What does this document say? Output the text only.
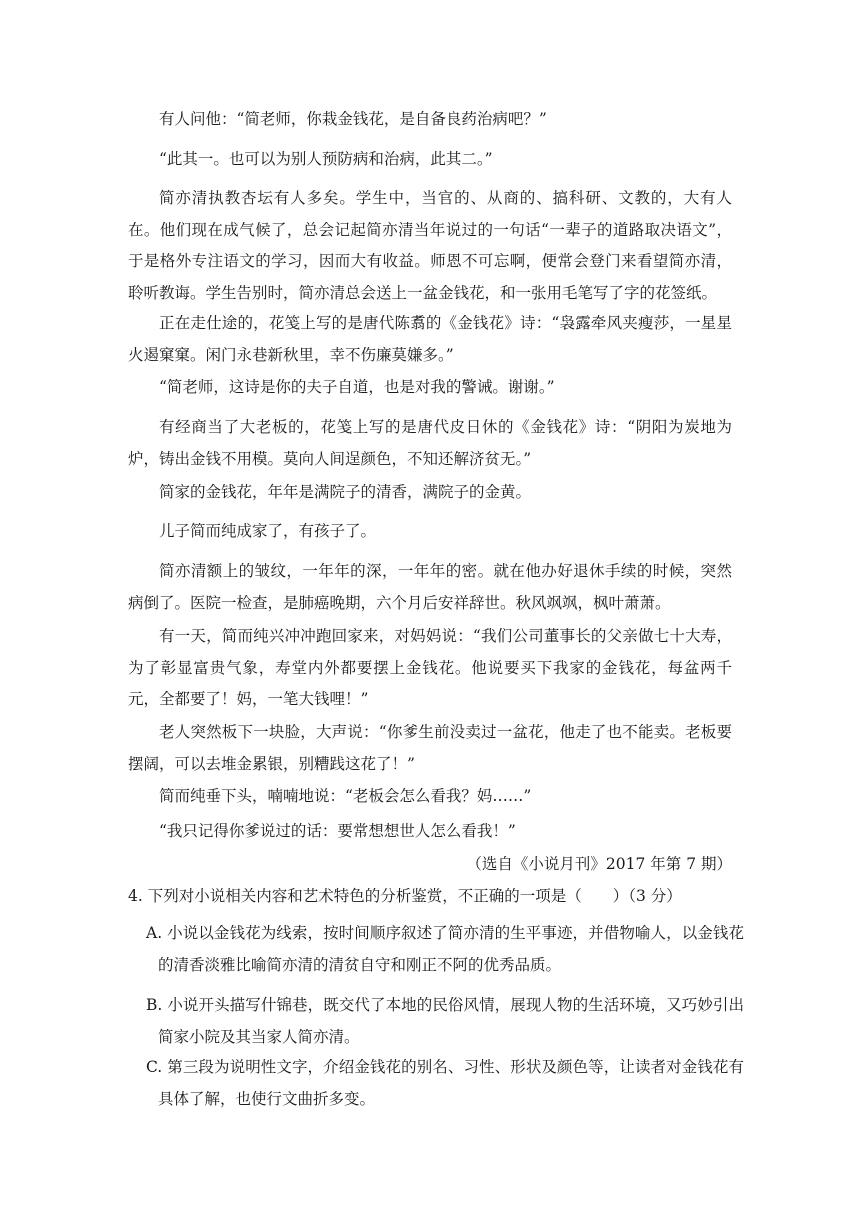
有人问他：“简老师，你栽金钱花，是自备良药治病吧？”

“此其一。也可以为别人预防病和治病，此其二。”

简亦清执教杏坛有人多矣。学生中，当官的、从商的、搞科研、文教的，大有人在。他们现在成气候了，总会记起简亦清当年说过的一句话“一辈子的道路取决语文”，于是格外专注语文的学习，因而大有收益。师恩不可忘啊，便常会登门来看望简亦清，聆听教诲。学生告别时，简亦清总会送上一盆金钱花，和一张用毛笔写了字的花签纸。

正在走仕途的，花笺上写的是唐代陈翥的《金钱花》诗：“袅露牵风夹瘦莎，一星星火遏窠窠。闲门永巷新秋里，幸不伤廉莫嫌多。”

“简老师，这诗是你的夫子自道，也是对我的警诫。谢谢。”

有经商当了大老板的，花笺上写的是唐代皮日休的《金钱花》诗：“阴阳为炭地为炉，铸出金钱不用模。莫向人间逞颜色，不知还解济贫无。”

简家的金钱花，年年是满院子的清香，满院子的金黄。

儿子简而纯成家了，有孩子了。

简亦清额上的皱纹，一年年的深，一年年的密。就在他办好退休手续的时候，突然病倒了。医院一检查，是肺癌晚期，六个月后安祥辞世。秋风飒飒，枫叶萧萧。

有一天，简而纯兴冲冲跑回家来，对妈妈说：“我们公司董事长的父亲做七十大寿，为了彰显富贵气象，寿堂内外都要摆上金钱花。他说要买下我家的金钱花，每盆两千元，全都要了！妈，一笔大钱哩！”

老人突然板下一块脸，大声说：“你爹生前没卖过一盆花，他走了也不能卖。老板要摆阔，可以去堆金累银，别糟践这花了！”

简而纯垂下头，喃喃地说：“老板会怎么看我？妈……”

“我只记得你爹说过的话：要常想想世人怎么看我！”

（选自《小说月刊》2017 年第 7 期）

4. 下列对小说相关内容和艺术特色的分析鉴赏，不正确的一项是（　　）（3 分）

A. 小说以金钱花为线索，按时间顺序叙述了简亦清的生平事迹，并借物喻人，以金钱花的清香淡雅比喻简亦清的清贫自守和刚正不阿的优秀品质。

B. 小说开头描写什锦巷，既交代了本地的民俗风情，展现人物的生活环境，又巧妙引出简家小院及其当家人简亦清。

C. 第三段为说明性文字，介绍金钱花的别名、习性、形状及颜色等，让读者对金钱花有具体了解，也使行文曲折多变。
